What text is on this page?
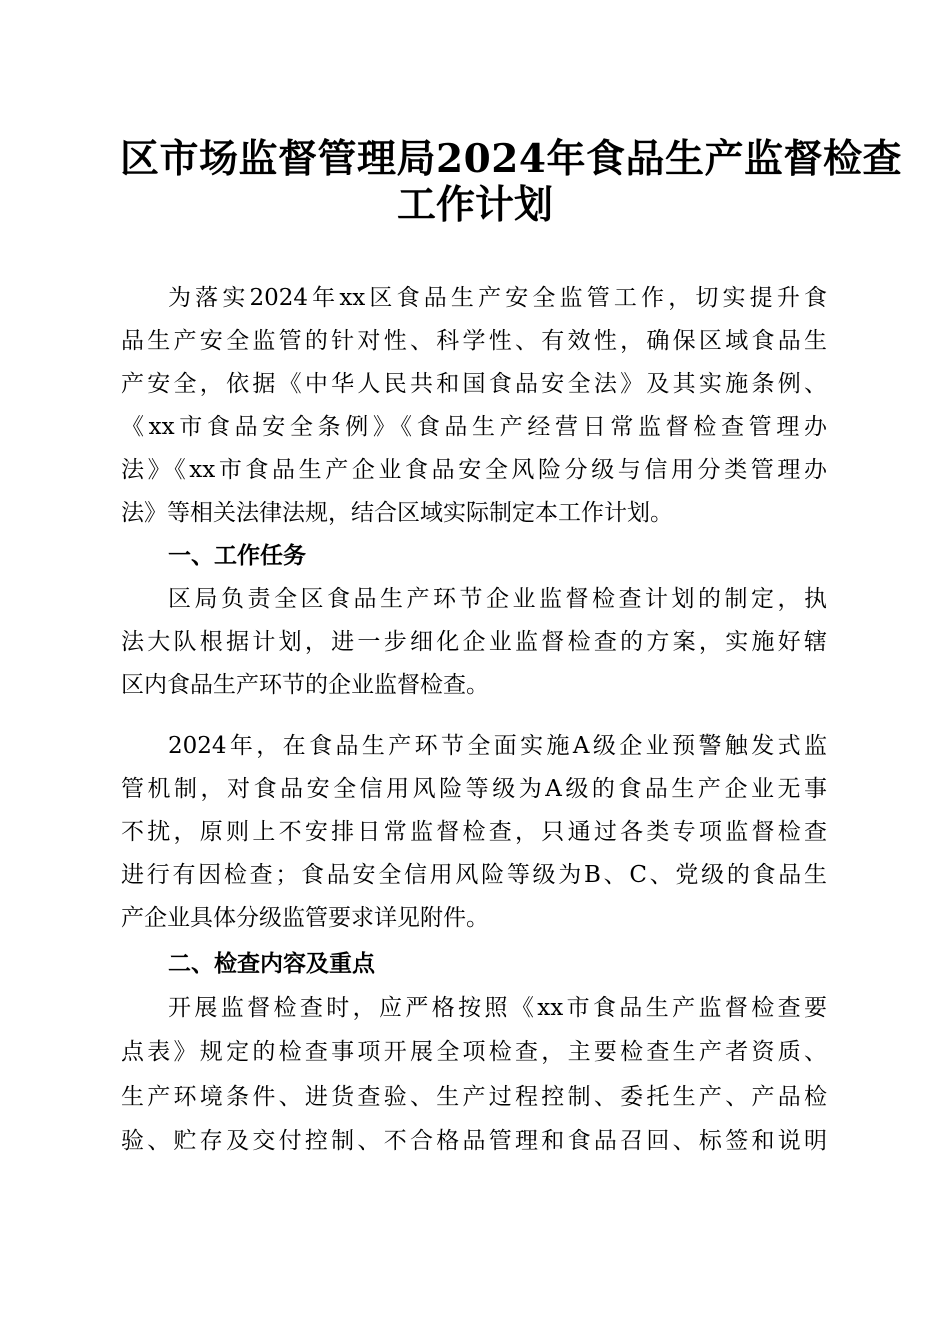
区市场监督管理局2024年食品生产监督检查
工作计划
为落实2024年xx区食品生产安全监管工作，切实提升食
品生产安全监管的针对性、科学性、有效性，确保区域食品生
产安全，依据《中华人民共和国食品安全法》及其实施条例、
《xx市食品安全条例》《食品生产经营日常监督检查管理办
法》《xx市食品生产企业食品安全风险分级与信用分类管理办
法》等相关法律法规，结合区域实际制定本工作计划。
一、工作任务
区局负责全区食品生产环节企业监督检查计划的制定，执
法大队根据计划，进一步细化企业监督检查的方案，实施好辖
区内食品生产环节的企业监督检查。
2024年，在食品生产环节全面实施A级企业预警触发式监
管机制，对食品安全信用风险等级为A级的食品生产企业无事
不扰，原则上不安排日常监督检查，只通过各类专项监督检查
进行有因检查；食品安全信用风险等级为B、C、党级的食品生
产企业具体分级监管要求详见附件。
二、检查内容及重点
开展监督检查时，应严格按照《xx市食品生产监督检查要
点表》规定的检查事项开展全项检查，主要检查生产者资质、
生产环境条件、进货查验、生产过程控制、委托生产、产品检
验、贮存及交付控制、不合格品管理和食品召回、标签和说明
